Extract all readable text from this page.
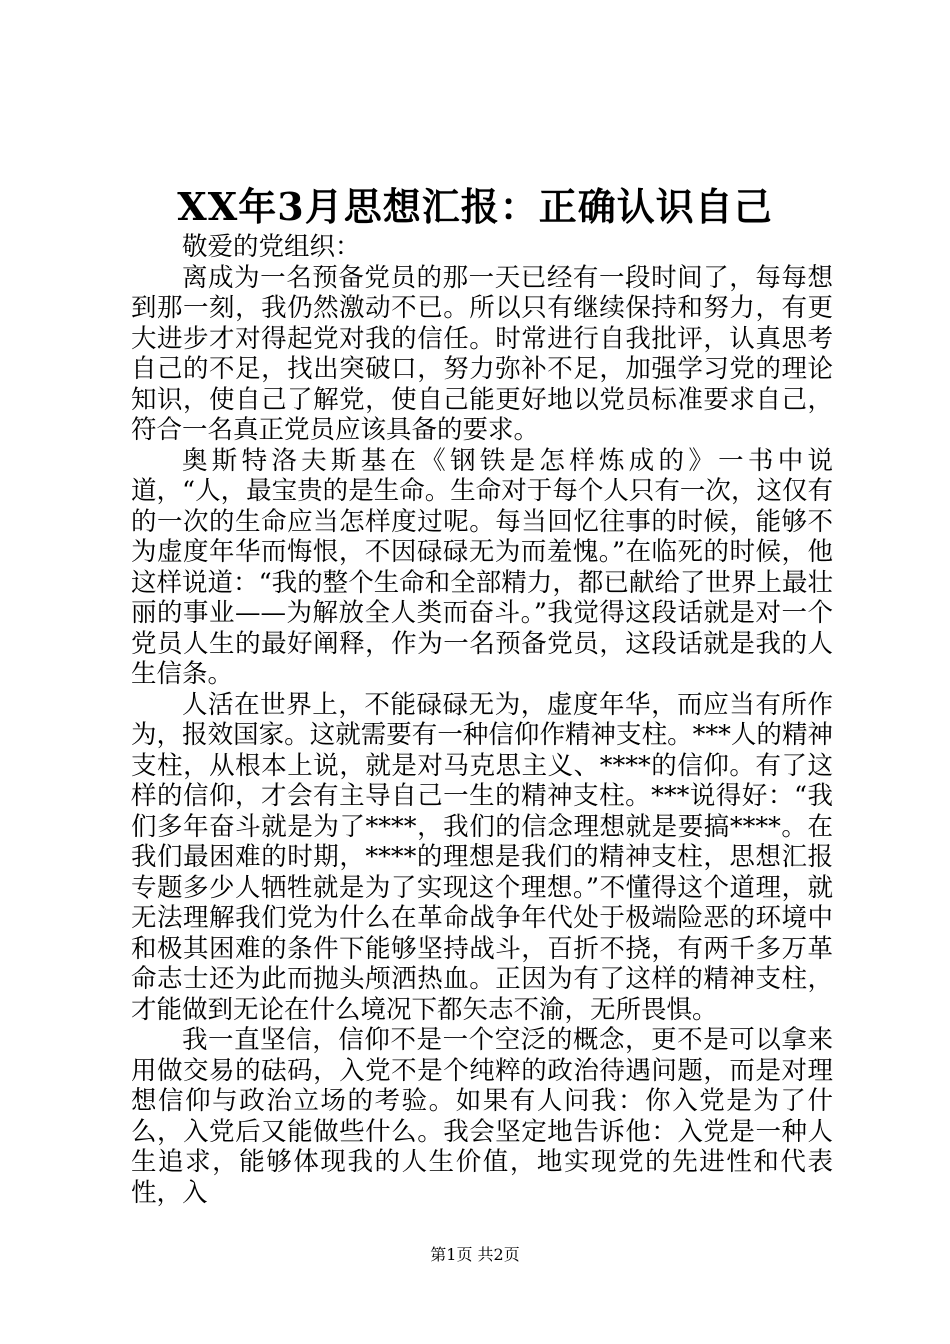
XX年3月思想汇报：正确认识自己

敬爱的党组织：

离成为一名预备党员的那一天已经有一段时间了，每每想到那一刻，我仍然激动不已。所以只有继续保持和努力，有更大进步才对得起党对我的信任。时常进行自我批评，认真思考自己的不足，找出突破口，努力弥补不足，加强学习党的理论知识，使自己了解党，使自己能更好地以党员标准要求自己，符合一名真正党员应该具备的要求。

奥斯特洛夫斯基在《钢铁是怎样炼成的》一书中说道，“人，最宝贵的是生命。生命对于每个人只有一次，这仅有的一次的生命应当怎样度过呢。每当回忆往事的时候，能够不为虚度年华而悔恨，不因碌碌无为而羞愧。”在临死的时候，他这样说道：“我的整个生命和全部精力，都已献给了世界上最壮丽的事业——为解放全人类而奋斗。”我觉得这段话就是对一个党员人生的最好阐释，作为一名预备党员，这段话就是我的人生信条。

人活在世界上，不能碌碌无为，虚度年华，而应当有所作为，报效国家。这就需要有一种信仰作精神支柱。***人的精神支柱，从根本上说，就是对马克思主义、****的信仰。有了这样的信仰，才会有主导自己一生的精神支柱。***说得好：“我们多年奋斗就是为了****，我们的信念理想就是要搞****。在我们最困难的时期，****的理想是我们的精神支柱，思想汇报专题多少人牺牲就是为了实现这个理想。”不懂得这个道理，就无法理解我们党为什么在革命战争年代处于极端险恶的环境中和极其困难的条件下能够坚持战斗，百折不挠，有两千多万革命志士还为此而抛头颅洒热血。正因为有了这样的精神支柱，才能做到无论在什么境况下都矢志不渝，无所畏惧。

我一直坚信，信仰不是一个空泛的概念，更不是可以拿来用做交易的砝码，入党不是个纯粹的政治待遇问题，而是对理想信仰与政治立场的考验。如果有人问我：你入党是为了什么，入党后又能做些什么。我会坚定地告诉他：入党是一种人生追求，能够体现我的人生价值，地实现党的先进性和代表性，入

第1页 共2页
